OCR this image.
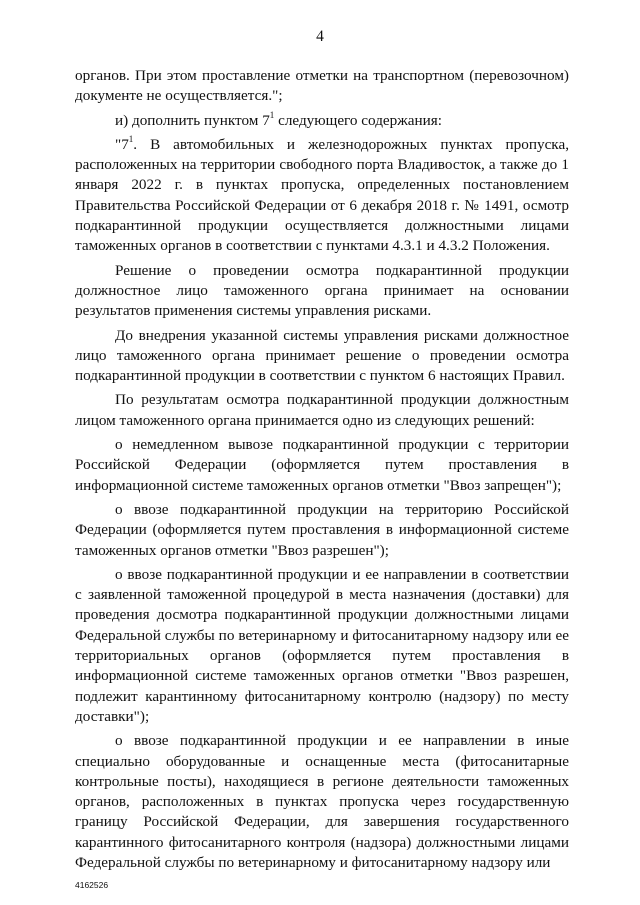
4

органов. При этом проставление отметки на транспортном (перевозочном) документе не осуществляется.";

и) дополнить пунктом $7^1$ следующего содержания:

"$7^1$. В автомобильных и железнодорожных пунктах пропуска, расположенных на территории свободного порта Владивосток, а также до 1 января 2022 г. в пунктах пропуска, определенных постановлением Правительства Российской Федерации от 6 декабря 2018 г. № 1491, осмотр подкарантинной продукции осуществляется должностными лицами таможенных органов в соответствии с пунктами 4.3.1 и 4.3.2 Положения.

Решение о проведении осмотра подкарантинной продукции должностное лицо таможенного органа принимает на основании результатов применения системы управления рисками.

До внедрения указанной системы управления рисками должностное лицо таможенного органа принимает решение о проведении осмотра подкарантинной продукции в соответствии с пунктом 6 настоящих Правил.

По результатам осмотра подкарантинной продукции должностным лицом таможенного органа принимается одно из следующих решений:

о немедленном вывозе подкарантинной продукции с территории Российской Федерации (оформляется путем проставления в информационной системе таможенных органов отметки "Ввоз запрещен");

о ввозе подкарантинной продукции на территорию Российской Федерации (оформляется путем проставления в информационной системе таможенных органов отметки "Ввоз разрешен");

о ввозе подкарантинной продукции и ее направлении в соответствии с заявленной таможенной процедурой в места назначения (доставки) для проведения досмотра подкарантинной продукции должностными лицами Федеральной службы по ветеринарному и фитосанитарному надзору или ее территориальных органов (оформляется путем проставления в информационной системе таможенных органов отметки "Ввоз разрешен, подлежит карантинному фитосанитарному контролю (надзору) по месту доставки");

о ввозе подкарантинной продукции и ее направлении в иные специально оборудованные и оснащенные места (фитосанитарные контрольные посты), находящиеся в регионе деятельности таможенных органов, расположенных в пунктах пропуска через государственную границу Российской Федерации, для завершения государственного карантинного фитосанитарного контроля (надзора) должностными лицами Федеральной службы по ветеринарному и фитосанитарному надзору или

4162526
